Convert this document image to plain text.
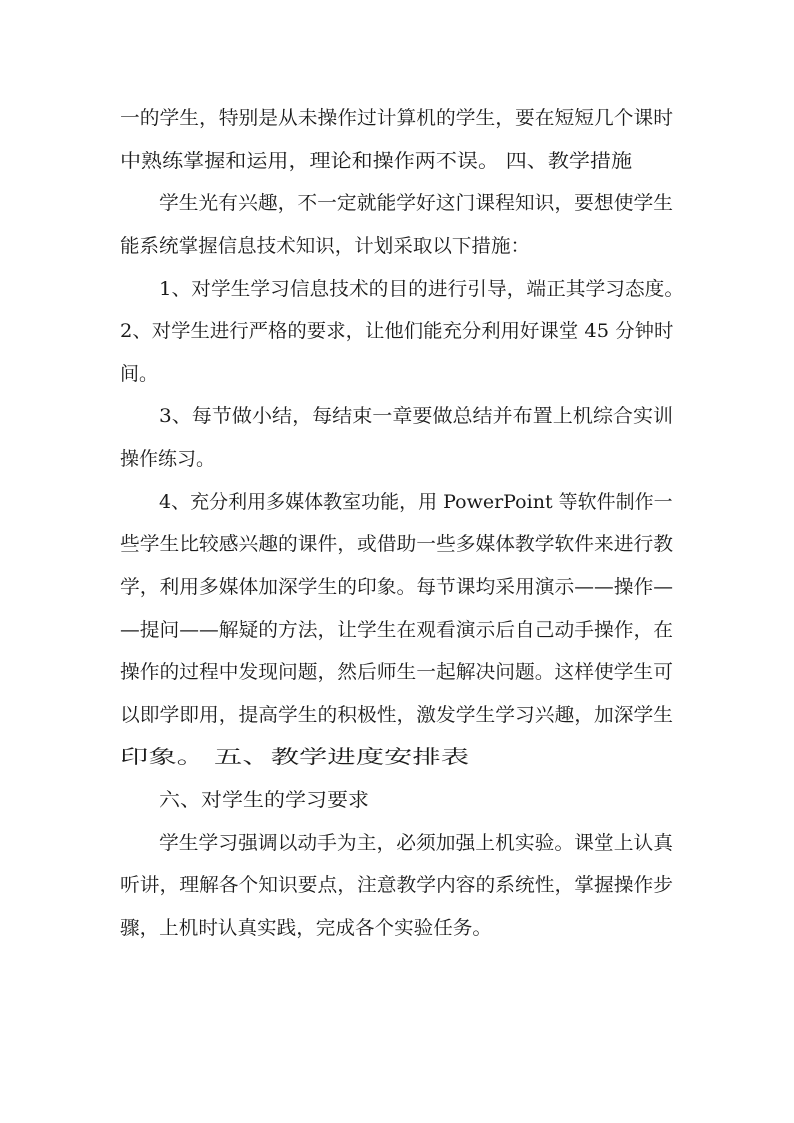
一的学生，特别是从未操作过计算机的学生，要在短短几个课时
中熟练掌握和运用，理论和操作两不误。 四、教学措施
学生光有兴趣，不一定就能学好这门课程知识，要想使学生
能系统掌握信息技术知识，计划采取以下措施：
1、对学生学习信息技术的目的进行引导，端正其学习态度。
2、对学生进行严格的要求，让他们能充分利用好课堂 45 分钟时
间。
3、每节做小结，每结束一章要做总结并布置上机综合实训
操作练习。
4、充分利用多媒体教室功能，用 PowerPoint 等软件制作一
些学生比较感兴趣的课件，或借助一些多媒体教学软件来进行教
学，利用多媒体加深学生的印象。每节课均采用演示——操作—
—提问——解疑的方法，让学生在观看演示后自己动手操作，在
操作的过程中发现问题，然后师生一起解决问题。这样使学生可
以即学即用，提高学生的积极性，激发学生学习兴趣，加深学生
印象。 五、教学进度安排表
六、对学生的学习要求
学生学习强调以动手为主，必须加强上机实验。课堂上认真
听讲，理解各个知识要点，注意教学内容的系统性，掌握操作步
骤，上机时认真实践，完成各个实验任务。
